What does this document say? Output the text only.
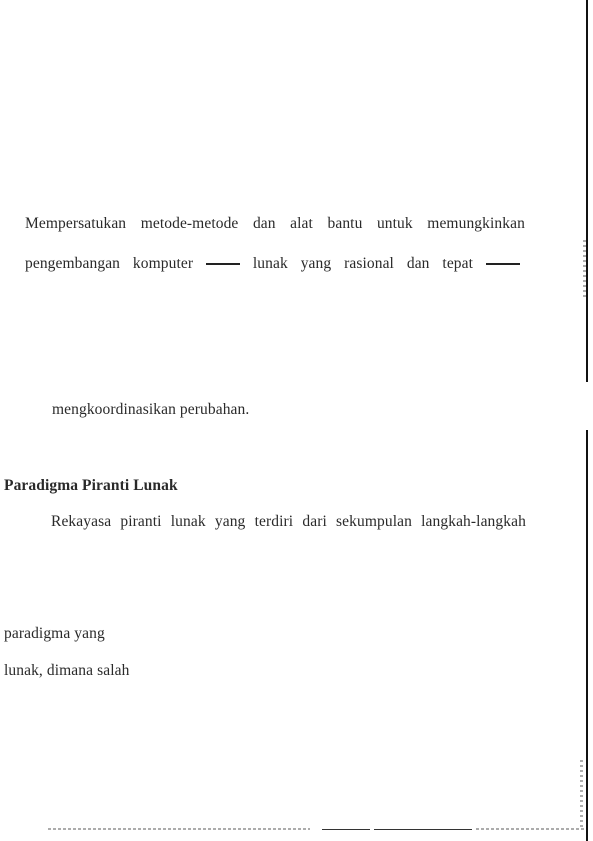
Mempersatukan metode-metode dan alat bantu untuk memungkinkan
pengembangan komputer	lunak yang rasional dan tepat
mengkoordinasikan perubahan.
Paradigma Piranti Lunak
Rekayasa piranti lunak yang terdiri dari sekumpulan langkah-langkah
paradigma yang
lunak, dimana salah
